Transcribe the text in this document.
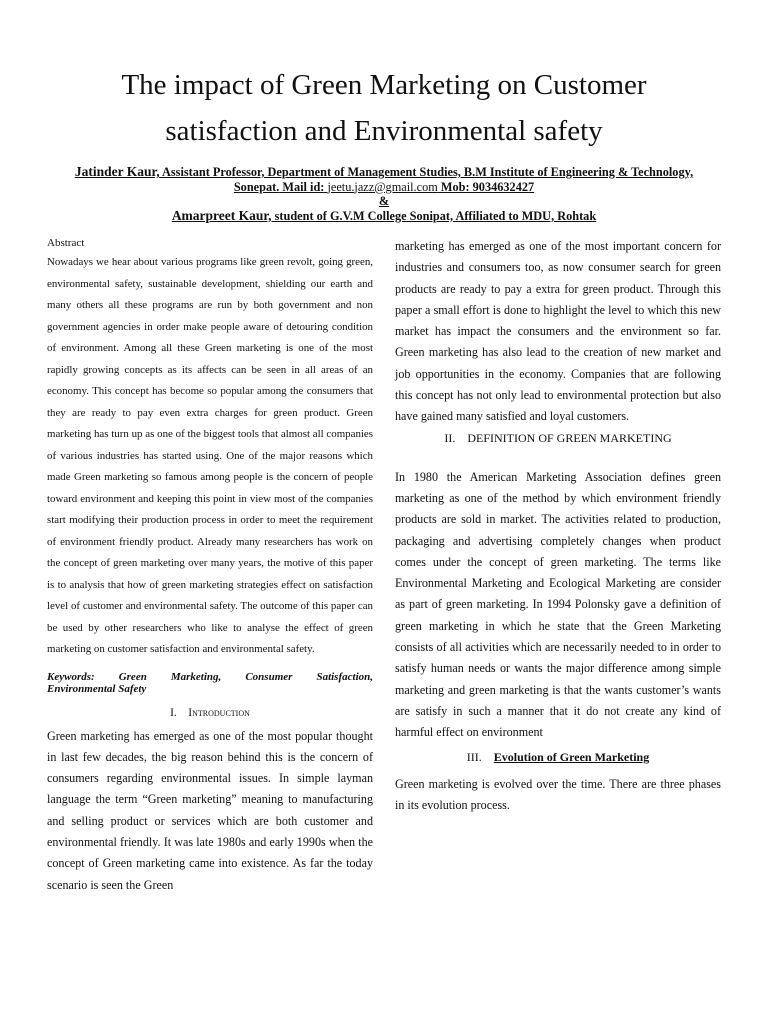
The impact of Green Marketing on Customer
satisfaction and Environmental safety
Jatinder Kaur, Assistant Professor, Department of Management Studies, B.M Institute of Engineering & Technology,
Sonepat. Mail id: jeetu.jazz@gmail.com Mob: 9034632427
&
Amarpreet Kaur, student of G.V.M College Sonipat, Affiliated to MDU, Rohtak
Abstract

Nowadays we hear about various programs like green revolt, going green, environmental safety, sustainable development, shielding our earth and many others all these programs are run by both government and non government agencies in order make people aware of detouring condition of environment. Among all these Green marketing is one of the most rapidly growing concepts as its affects can be seen in all areas of an economy. This concept has become so popular among the consumers that they are ready to pay even extra charges for green product. Green marketing has turn up as one of the biggest tools that almost all companies of various industries has started using. One of the major reasons which made Green marketing so famous among people is the concern of people toward environment and keeping this point in view most of the companies start modifying their production process in order to meet the requirement of environment friendly product. Already many researchers has work on the concept of green marketing over many years, the motive of this paper is to analysis that how of green marketing strategies effect on satisfaction level of customer and environmental safety. The outcome of this paper can be used by other researchers who like to analyse the effect of green marketing on customer satisfaction and environmental safety.

Keywords: Green Marketing, Consumer Satisfaction,
Environmental Safety
I. Introduction

Green marketing has emerged as one of the most popular thought in last few decades, the big reason behind this is the concern of consumers regarding environmental issues. In simple layman language the term “Green marketing” meaning to manufacturing and selling product or services which are both customer and environmental friendly. It was late 1980s and early 1990s when the concept of Green marketing came into existence. As far the today scenario is seen the Green

marketing has emerged as one of the most important concern for industries and consumers too, as now consumer search for green products are ready to pay a extra for green product. Through this paper a small effort is done to highlight the level to which this new market has impact the consumers and the environment so far. Green marketing has also lead to the creation of new market and job opportunities in the economy. Companies that are following this concept has not only lead to environmental protection but also have gained many satisfied and loyal customers.

II. DEFINITION OF GREEN MARKETING

In 1980 the American Marketing Association defines green marketing as one of the method by which environment friendly products are sold in market. The activities related to production, packaging and advertising completely changes when product comes under the concept of green marketing. The terms like Environmental Marketing and Ecological Marketing are consider as part of green marketing. In 1994 Polonsky gave a definition of green marketing in which he state that the Green Marketing consists of all activities which are necessarily needed to in order to satisfy human needs or wants the major difference among simple marketing and green marketing is that the wants customer’s wants are satisfy in such a manner that it do not create any kind of harmful effect on environment

III. Evolution of Green Marketing

Green marketing is evolved over the time. There are three phases in its evolution process.
